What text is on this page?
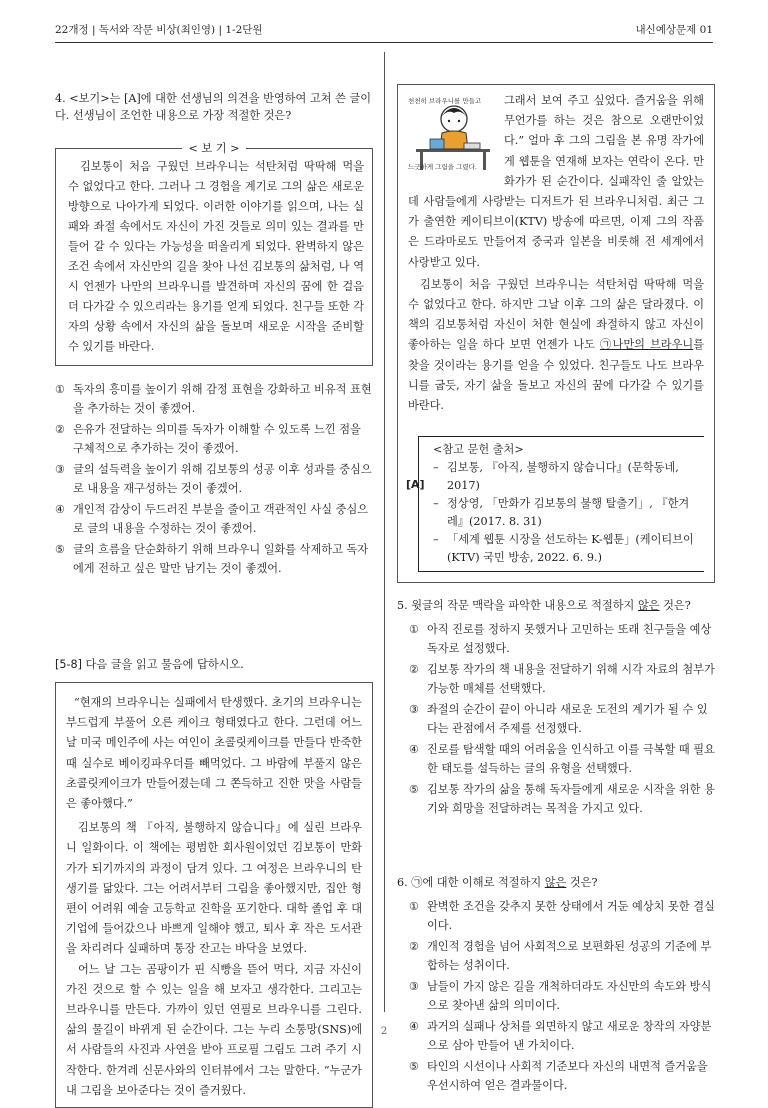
22개정 | 독서와 작문 비상(최인영) | 1-2단원	내신예상문제 01

4. <보기>는 [A]에 대한 선생님의 의견을 반영하여 고쳐 쓴 글이다. 선생님이 조언한 내용으로 가장 적절한 것은?

< 보 기 >
김보통이 처음 구웠던 브라우니는 석탄처럼 딱딱해 먹을 수 없었다고 한다. 그러나 그 경험을 계기로 그의 삶은 새로운 방향으로 나아가게 되었다. 이러한 이야기를 읽으며, 나는 실패와 좌절 속에서도 자신이 가진 것들로 의미 있는 결과를 만들어 갈 수 있다는 가능성을 떠올리게 되었다. 완벽하지 않은 조건 속에서 자신만의 길을 찾아 나선 김보통의 삶처럼, 나 역시 언젠가 나만의 브라우니를 발견하며 자신의 꿈에 한 걸음 더 다가갈 수 있으리라는 용기를 얻게 되었다. 친구들 또한 각자의 상황 속에서 자신의 삶을 돌보며 새로운 시작을 준비할 수 있기를 바란다.
① 독자의 흥미를 높이기 위해 감정 표현을 강화하고 비유적 표현을 추가하는 것이 좋겠어.
② 은유가 전달하는 의미를 독자가 이해할 수 있도록 느낀 점을 구체적으로 추가하는 것이 좋겠어.
③ 글의 설득력을 높이기 위해 김보통의 성공 이후 성과를 중심으로 내용을 재구성하는 것이 좋겠어.
④ 개인적 감상이 두드러진 부분을 줄이고 객관적인 사실 중심으로 글의 내용을 수정하는 것이 좋겠어.
⑤ 글의 흐름을 단순화하기 위해 브라우니 일화를 삭제하고 독자에게 전하고 싶은 말만 남기는 것이 좋겠어.
[5-8] 다음 글을 읽고 물음에 답하시오.

“현재의 브라우니는 실패에서 탄생했다. 초기의 브라우니는 부드럽게 부풀어 오른 케이크 형태였다고 한다. 그런데 어느 날 미국 메인주에 사는 여인이 초콜릿케이크를 만들다 반죽한 때 실수로 베이킹파우더를 빼먹었다. 그 바람에 부풀지 않은 초콜릿케이크가 만들어졌는데 그 쫀득하고 진한 맛을 사람들은 좋아했다.”

김보통의 책 『아직, 불행하지 않습니다』에 실린 브라우니 일화이다. 이 책에는 평범한 회사원이었던 김보통이 만화가가 되기까지의 과정이 담겨 있다. 그 여정은 브라우니의 탄생기를 닮았다. 그는 어려서부터 그림을 좋아했지만, 집안 형편이 어려워 예술 고등학교 진학을 포기한다. 대학 졸업 후 대기업에 들어갔으나 바쁘게 일해야 했고, 퇴사 후 작은 도서관을 차리려다 실패하며 통장 잔고는 바닥을 보였다.

어느 날 그는 곰팡이가 핀 식빵을 뜯어 먹다, 지금 자신이 가진 것으로 할 수 있는 일을 해 보자고 생각한다. 그리고는 브라우니를 만든다. 가까이 있던 연필로 브라우니를 그린다. 삶의 물길이 바뀌게 된 순간이다. 그는 누리 소통망(SNS)에서 사람들의 사진과 사연을 받아 프로필 그림도 그려 주기 시작한다. 한겨레 신문사와의 인터뷰에서 그는 말한다. “누군가 내 그림을 보아준다는 것이 즐거웠다.

천천히 브라우니를 만들고
느긋하게 그림을 그렸다.

그래서 보여 주고 싶었다. 즐거움을 위해 무언가를 하는 것은 참으로 오랜만이었다.” 얼마 후 그의 그림을 본 유명 작가에게 웹툰을 연재해 보자는 연락이 온다. 만화가가 된 순간이다. 실패작인 줄 알았는데 사람들에게 사랑받는 디저트가 된 브라우니처럼. 최근 그가 출연한 케이티브이(KTV) 방송에 따르면, 이제 그의 작품은 드라마로도 만들어져 중국과 일본을 비롯해 전 세계에서 사랑받고 있다.

김보통이 처음 구웠던 브라우니는 석탄처럼 딱딱해 먹을 수 없었다고 한다. 하지만 그날 이후 그의 삶은 달라졌다. 이 책의 김보통처럼 자신이 처한 현실에 좌절하지 않고 자신이 좋아하는 일을 하다 보면 언젠가 나도 ㉠나만의 브라우니를 찾을 것이라는 용기를 얻을 수 있었다. 친구들도 나도 브라우니를 굽듯, 자기 삶을 돌보고 자신의 꿈에 다가갈 수 있기를 바란다.

[A]
<참고 문헌 출처>
– 김보통, 『아직, 불행하지 않습니다』(문학동네, 2017)
– 정상영, 「만화가 김보통의 불행 탈출기」, 『한겨레』(2017. 8. 31)
– 「세계 웹툰 시장을 선도하는 K-웹툰」(케이티브이(KTV) 국민 방송, 2022. 6. 9.)

5. 윗글의 작문 맥락을 파악한 내용으로 적절하지 않은 것은?

① 아직 진로를 정하지 못했거나 고민하는 또래 친구들을 예상 독자로 설정했다.
② 김보통 작가의 책 내용을 전달하기 위해 시각 자료의 첨부가 가능한 매체를 선택했다.
③ 좌절의 순간이 끝이 아니라 새로운 도전의 계기가 될 수 있다는 관점에서 주제를 선정했다.
④ 진로를 탐색할 때의 어려움을 인식하고 이를 극복할 때 필요한 태도를 설득하는 글의 유형을 선택했다.
⑤ 김보통 작가의 삶을 통해 독자들에게 새로운 시작을 위한 용기와 희망을 전달하려는 목적을 가지고 있다.

6. ㉠에 대한 이해로 적절하지 않은 것은?

① 완벽한 조건을 갖추지 못한 상태에서 거둔 예상치 못한 결실이다.
② 개인적 경험을 넘어 사회적으로 보편화된 성공의 기준에 부합하는 성취이다.
③ 남들이 가지 않은 길을 개척하더라도 자신만의 속도와 방식으로 찾아낸 삶의 의미이다.
④ 과거의 실패나 상처를 외면하지 않고 새로운 창작의 자양분으로 삼아 만들어 낸 가치이다.
⑤ 타인의 시선이나 사회적 기준보다 자신의 내면적 즐거움을 우선시하여 얻은 결과물이다.
2
